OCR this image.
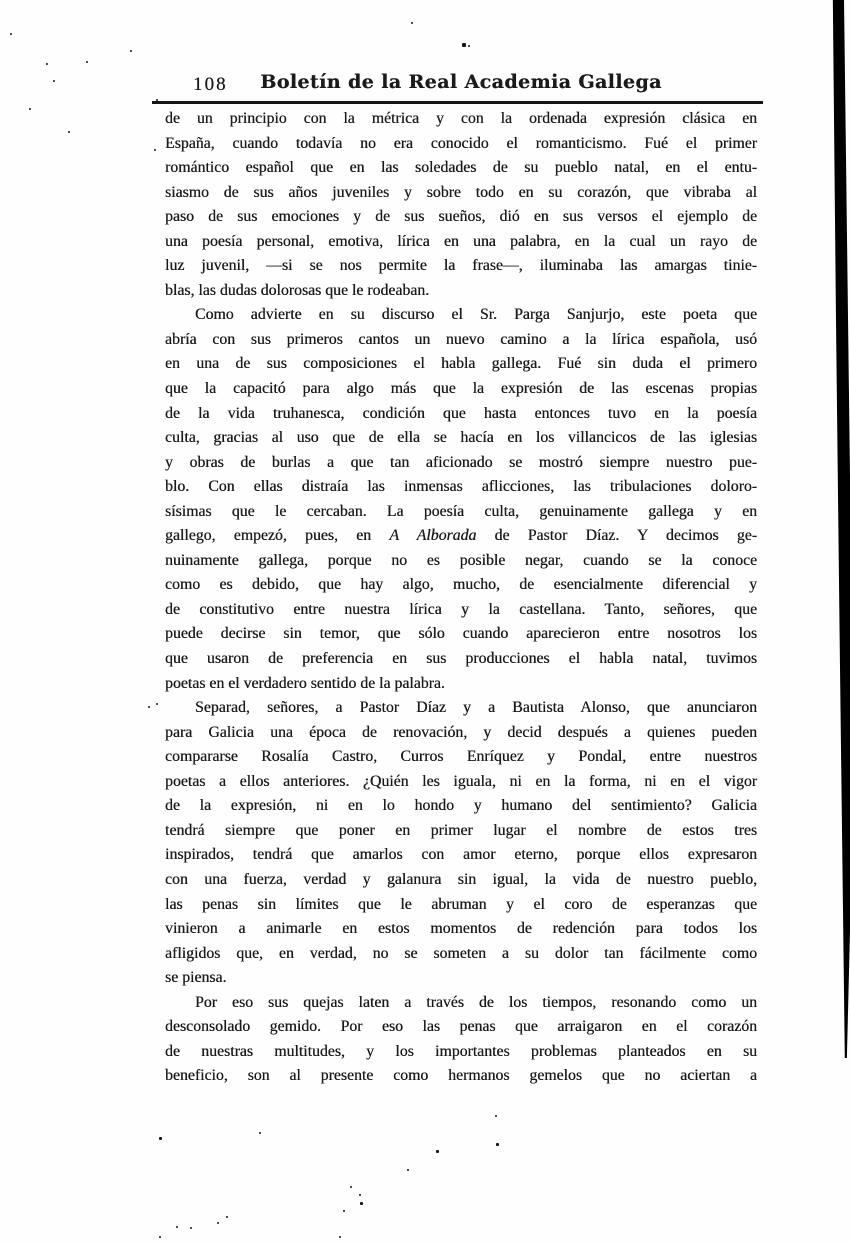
108	Boletín de la Real Academia Gallega
de un principio con la métrica y con la ordenada expresión clásica en
España, cuando todavía no era conocido el romanticismo. Fué el primer
romántico español que en las soledades de su pueblo natal, en el entu-
siasmo de sus años juveniles y sobre todo en su corazón, que vibraba al
paso de sus emociones y de sus sueños, dió en sus versos el ejemplo de
una poesía personal, emotiva, lírica en una palabra, en la cual un rayo de
luz juvenil, —si se nos permite la frase—, iluminaba las amargas tinie-
blas, las dudas dolorosas que le rodeaban.
Como advierte en su discurso el Sr. Parga Sanjurjo, este poeta que
abría con sus primeros cantos un nuevo camino a la lírica española, usó
en una de sus composiciones el habla gallega. Fué sin duda el primero
que la capacitó para algo más que la expresión de las escenas propias
de la vida truhanesca, condición que hasta entonces tuvo en la poesía
culta, gracias al uso que de ella se hacía en los villancicos de las iglesias
y obras de burlas a que tan aficionado se mostró siempre nuestro pue-
blo. Con ellas distraía las inmensas aflicciones, las tribulaciones doloro-
sísimas que le cercaban. La poesía culta, genuinamente gallega y en
gallego, empezó, pues, en A Alborada de Pastor Díaz. Y decimos ge-
nuinamente gallega, porque no es posible negar, cuando se la conoce
como es debido, que hay algo, mucho, de esencialmente diferencial y
de constitutivo entre nuestra lírica y la castellana. Tanto, señores, que
puede decirse sin temor, que sólo cuando aparecieron entre nosotros los
que usaron de preferencia en sus producciones el habla natal, tuvimos
poetas en el verdadero sentido de la palabra.
Separad, señores, a Pastor Díaz y a Bautista Alonso, que anunciaron
para Galicia una época de renovación, y decid después a quienes pueden
compararse Rosalía Castro, Curros Enríquez y Pondal, entre nuestros
poetas a ellos anteriores. ¿Quién les iguala, ni en la forma, ni en el vigor
de la expresión, ni en lo hondo y humano del sentimiento? Galicia
tendrá siempre que poner en primer lugar el nombre de estos tres
inspirados, tendrá que amarlos con amor eterno, porque ellos expresaron
con una fuerza, verdad y galanura sin igual, la vida de nuestro pueblo,
las penas sin límites que le abruman y el coro de esperanzas que
vinieron a animarle en estos momentos de redención para todos los
afligidos que, en verdad, no se someten a su dolor tan fácilmente como
se piensa.
Por eso sus quejas laten a través de los tiempos, resonando como un
desconsolado gemido. Por eso las penas que arraigaron en el corazón
de nuestras multitudes, y los importantes problemas planteados en su
beneficio, son al presente como hermanos gemelos que no aciertan a
